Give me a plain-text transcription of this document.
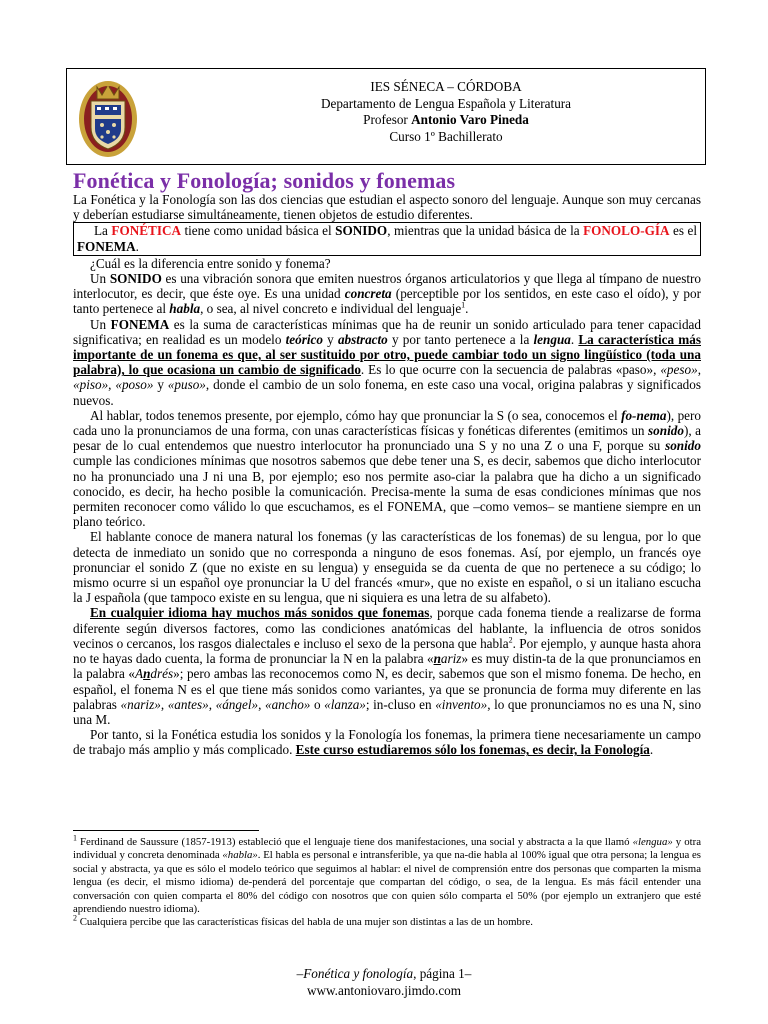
IES SÉNECA – CÓRDOBA
Departamento de Lengua Española y Literatura
Profesor Antonio Varo Pineda
Curso 1º Bachillerato
Fonética y Fonología; sonidos y fonemas

La Fonética y la Fonología son las dos ciencias que estudian el aspecto sonoro del lenguaje. Aunque son muy cercanas y deberían estudiarse simultáneamente, tienen objetos de estudio diferentes.

La FONÉTICA tiene como unidad básica el SONIDO, mientras que la unidad básica de la FONOLO-GÍA es el FONEMA.

¿Cuál es la diferencia entre sonido y fonema?

Un SONIDO es una vibración sonora que emiten nuestros órganos articulatorios y que llega al tímpano de nuestro interlocutor, es decir, que éste oye. Es una unidad concreta (perceptible por los sentidos, en este caso el oído), y por tanto pertenece al habla, o sea, al nivel concreto e individual del lenguaje$^1$.

Un FONEMA es la suma de características mínimas que ha de reunir un sonido articulado para tener capacidad significativa; en realidad es un modelo teórico y abstracto y por tanto pertenece a la lengua. La característica más importante de un fonema es que, al ser sustituido por otro, puede cambiar todo un signo lingüístico (toda una palabra), lo que ocasiona un cambio de significado. Es lo que ocurre con la secuencia de palabras «paso», «peso», «piso», «poso» y «puso», donde el cambio de un solo fonema, en este caso una vocal, origina palabras y significados nuevos.

Al hablar, todos tenemos presente, por ejemplo, cómo hay que pronunciar la S (o sea, conocemos el fo-nema), pero cada uno la pronunciamos de una forma, con unas características físicas y fonéticas diferentes (emitimos un sonido), a pesar de lo cual entendemos que nuestro interlocutor ha pronunciado una S y no una Z o una F, porque su sonido cumple las condiciones mínimas que nosotros sabemos que debe tener una S, es decir, sabemos que dicho interlocutor no ha pronunciado una J ni una B, por ejemplo; eso nos permite aso-ciar la palabra que ha dicho a un significado conocido, es decir, ha hecho posible la comunicación. Precisa-mente la suma de esas condiciones mínimas que nos permiten reconocer como válido lo que escuchamos, es el FONEMA, que –como vemos– se mantiene siempre en un plano teórico.

El hablante conoce de manera natural los fonemas (y las características de los fonemas) de su lengua, por lo que detecta de inmediato un sonido que no corresponda a ninguno de esos fonemas. Así, por ejemplo, un francés oye pronunciar el sonido Z (que no existe en su lengua) y enseguida se da cuenta de que no pertenece a su código; lo mismo ocurre si un español oye pronunciar la U del francés «mur», que no existe en español, o si un italiano escucha la J española (que tampoco existe en su lengua, que ni siquiera es una letra de su alfabeto).

En cualquier idioma hay muchos más sonidos que fonemas, porque cada fonema tiende a realizarse de forma diferente según diversos factores, como las condiciones anatómicas del hablante, la influencia de otros sonidos vecinos o cercanos, los rasgos dialectales e incluso el sexo de la persona que habla$^2$. Por ejemplo, y aunque hasta ahora no te hayas dado cuenta, la forma de pronunciar la N en la palabra «nariz» es muy distin-ta de la que pronunciamos en la palabra «Andrés»; pero ambas las reconocemos como N, es decir, sabemos que son el mismo fonema. De hecho, en español, el fonema N es el que tiene más sonidos como variantes, ya que se pronuncia de forma muy diferente en las palabras «nariz», «antes», «ángel», «ancho» o «lanza»; in-cluso en «invento», lo que pronunciamos no es una N, sino una M.

Por tanto, si la Fonética estudia los sonidos y la Fonología los fonemas, la primera tiene necesariamente un campo de trabajo más amplio y más complicado. Este curso estudiaremos sólo los fonemas, es decir, la Fonología.

$^1$ Ferdinand de Saussure (1857-1913) estableció que el lenguaje tiene dos manifestaciones, una social y abstracta a la que llamó «lengua» y otra individual y concreta denominada «habla». El habla es personal e intransferible, ya que na-die habla al 100% igual que otra persona; la lengua es social y abstracta, ya que es sólo el modelo teórico que seguimos al hablar: el nivel de comprensión entre dos personas que comparten la misma lengua (es decir, el mismo idioma) de-penderá del porcentaje que compartan del código, o sea, de la lengua. Es más fácil entender una conversación con quien comparta el 80% del código con nosotros que con quien sólo comparta el 50% (por ejemplo un extranjero que esté aprendiendo nuestro idioma).

$^2$ Cualquiera percibe que las características físicas del habla de una mujer son distintas a las de un hombre.

–Fonética y fonología, página 1–
www.antoniovaro.jimdo.com
